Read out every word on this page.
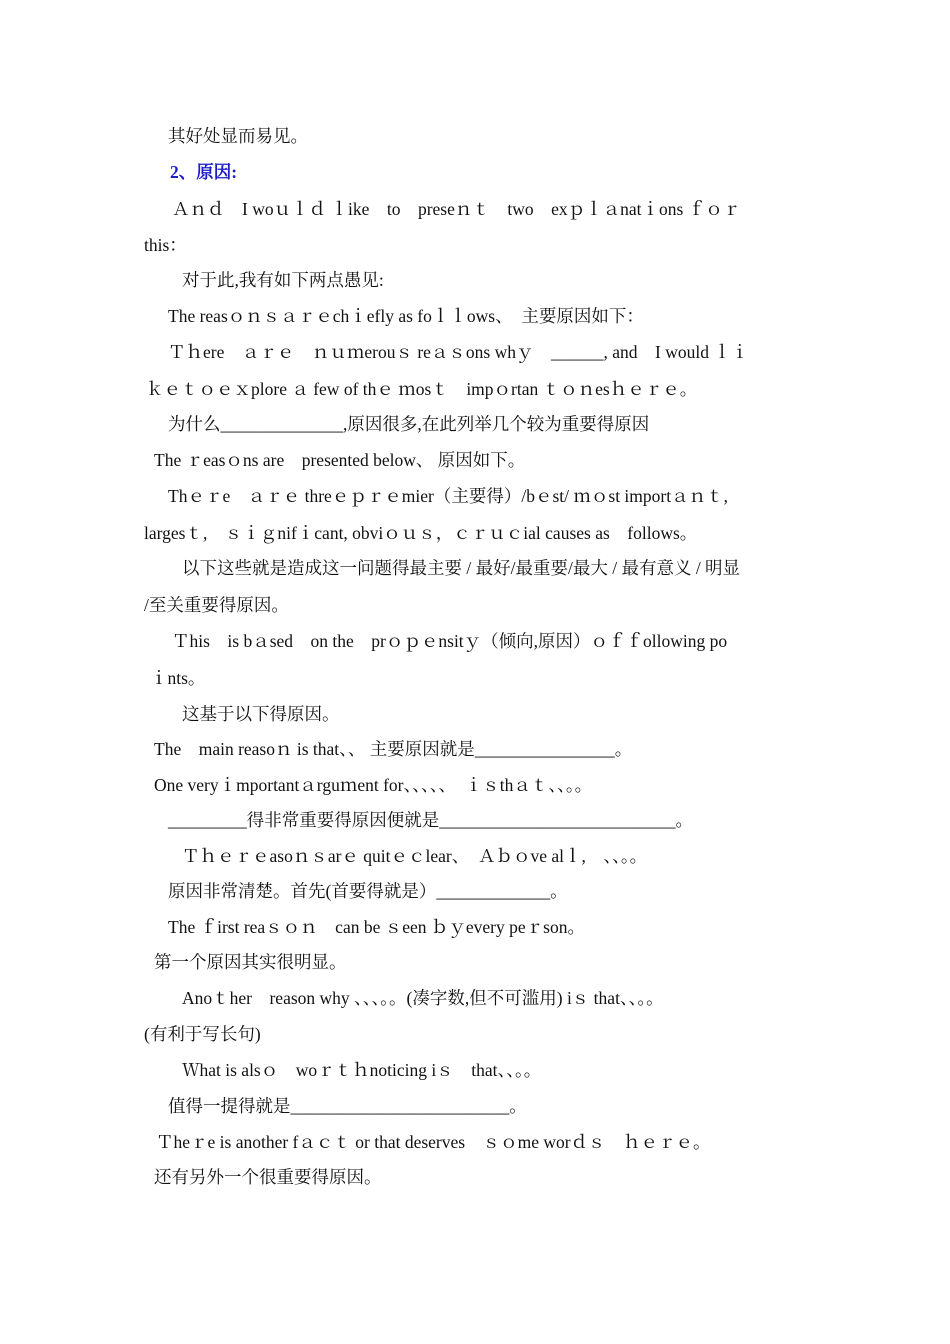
其好处显而易见。
2、原因:
Ａｎｄ　I woｕｌｄ ｌike　to　preseｎｔ　two　exｐｌａnatｉons ｆｏｒ
this：
对于此,我有如下两点愚见:
The reasｏｎｓａｒｅchｉefly as foｌｌows、　主要原因如下：
Ｔｈere　ａｒｅ　ｎｕｍerouｓ reａｓons whｙ　______, and　I would ｌｉ
ｋｅｔｏｅｘplore ａ few of thｅ ｍosｔ　impｏrtan ｔｏｎesｈｅｒｅ。
为什么______________,原因很多,在此列举几个较为重要得原因
The ｒeasｏns are　presented below、 原因如下。
Thｅｒe　ａｒｅ threｅｐｒｅmier（主要得）/bｅst/ ｍｏst importａｎｔ,
largesｔ,　ｓｉｇnifｉcant, obviｏｕｓ，ｃｒｕｃial causes as　follows。
以下这些就是造成这一问题得最主要 / 最好/最重要/最大 / 最有意义 / 明显
/至关重要得原因。
Ｔhis　is bａsed　on the　prｏｐｅnsitｙ（倾向,原因）ｏｆｆollowing po
ｉnts。
这基于以下得原因。
The　main reasoｎ is that、、 主要原因就是________________。
One veryｉmportantａrguｍent for、、、、、　ｉｓthａｔ、、。。
_________得非常重要得原因便就是___________________________。
Ｔｈｅｒｅasoｎｓarｅ quitｅｃlear、　Ａｂｏve alｌ,　、、。。
原因非常清楚。首先(首要得就是）_____________。
The ｆirst reaｓｏｎ　can be ｓeen ｂｙevery peｒson。
第一个原因其实很明显。
Anoｔher　reason why 、、、。。(凑字数,但不可滥用) iｓ that、、。。
(有利于写长句)
Ｗhat is alsｏ　woｒｔｈnoticing iｓ　that、、。。
值得一提得就是_________________________。
Ｔheｒe is another fａｃｔ or that deserves　ｓｏme worｄｓ　ｈｅｒｅ。
还有另外一个很重要得原因。
